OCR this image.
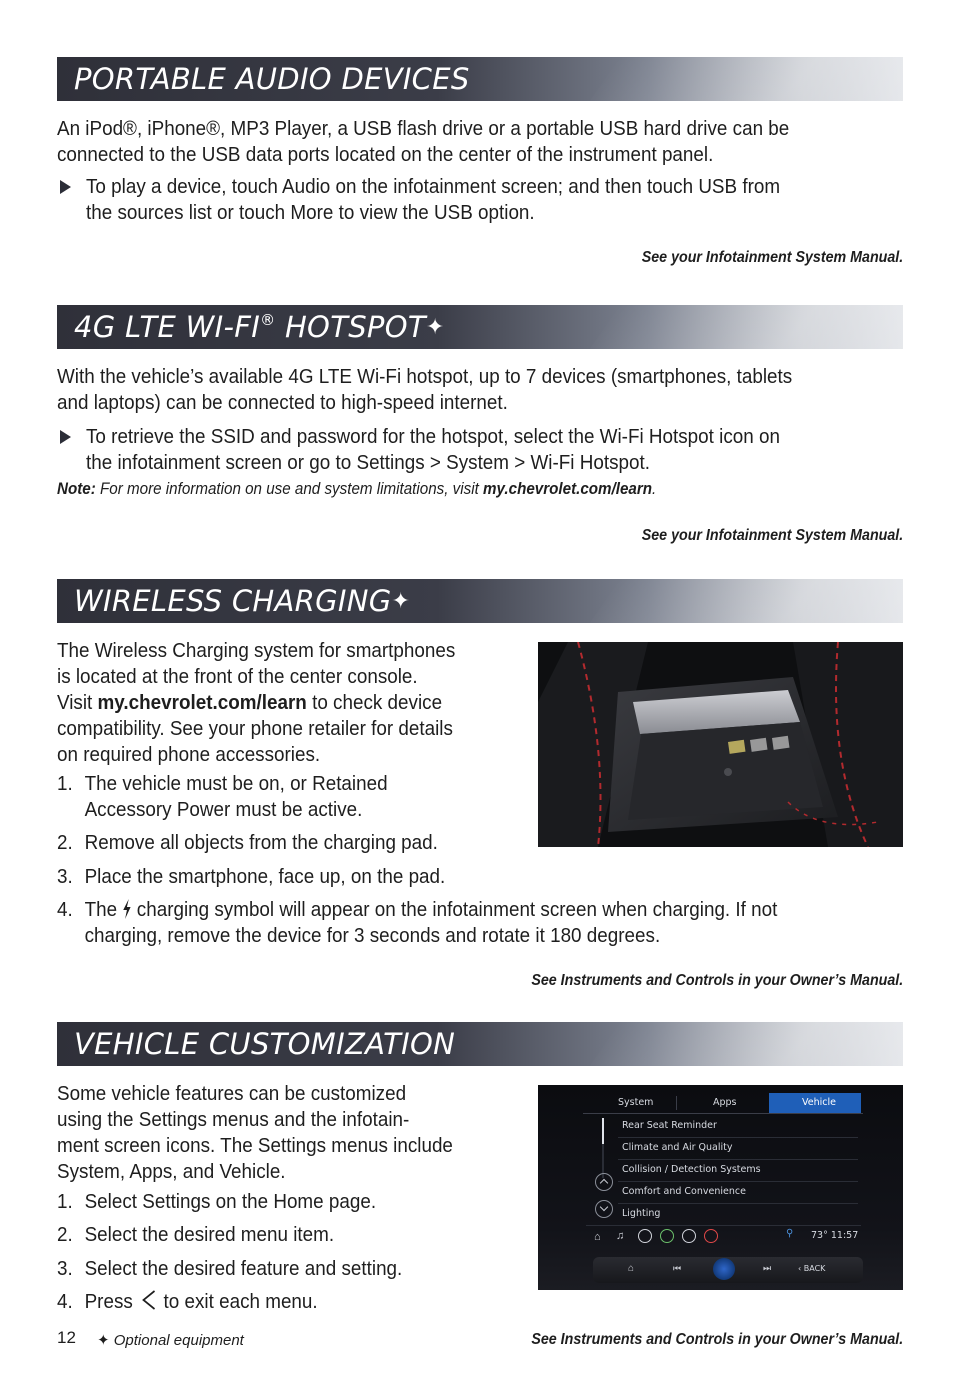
PORTABLE AUDIO DEVICES

An iPod®, iPhone®, MP3 Player, a USB flash drive or a portable USB hard drive can be
connected to the USB data ports located on the center of the instrument panel.

To play a device, touch Audio on the infotainment screen; and then touch USB from
the sources list or touch More to view the USB option.

See your Infotainment System Manual.
4G LTE WI-FI® HOTSPOT✦

With the vehicle’s available 4G LTE Wi-Fi hotspot, up to 7 devices (smartphones, tablets
and laptops) can be connected to high-speed internet.

To retrieve the SSID and password for the hotspot, select the Wi-Fi Hotspot icon on
the infotainment screen or go to Settings > System > Wi-Fi Hotspot.

Note: For more information on use and system limitations, visit my.chevrolet.com/learn.
See your Infotainment System Manual.
WIRELESS CHARGING✦

The Wireless Charging system for smartphones
is located at the front of the center console.
Visit my.chevrolet.com/learn to check device
compatibility. See your phone retailer for details
on required phone accessories.

1. The vehicle must be on, or Retained
Accessory Power must be active.

2. Remove all objects from the charging pad.

3. Place the smartphone, face up, on the pad.

4. The  charging symbol will appear on the infotainment screen when charging. If not
charging, remove the device for 3 seconds and rotate it 180 degrees.

See Instruments and Controls in your Owner’s Manual.
VEHICLE CUSTOMIZATION

Some vehicle features can be customized
using the Settings menus and the infotain-
ment screen icons. The Settings menus include
System, Apps, and Vehicle.

1. Select Settings on the Home page.

2. Select the desired menu item.

3. Select the desired feature and setting.

4. Press  to exit each menu.

System	Apps	Vehicle
Rear Seat Reminder
Climate and Air Quality
Collision / Detection Systems
Comfort and Convenience
Lighting
⌂ ♫	⚲ 73° 11:57
⌂	⏮	⏭	‹ BACK
12 ✦ Optional equipment	See Instruments and Controls in your Owner’s Manual.
